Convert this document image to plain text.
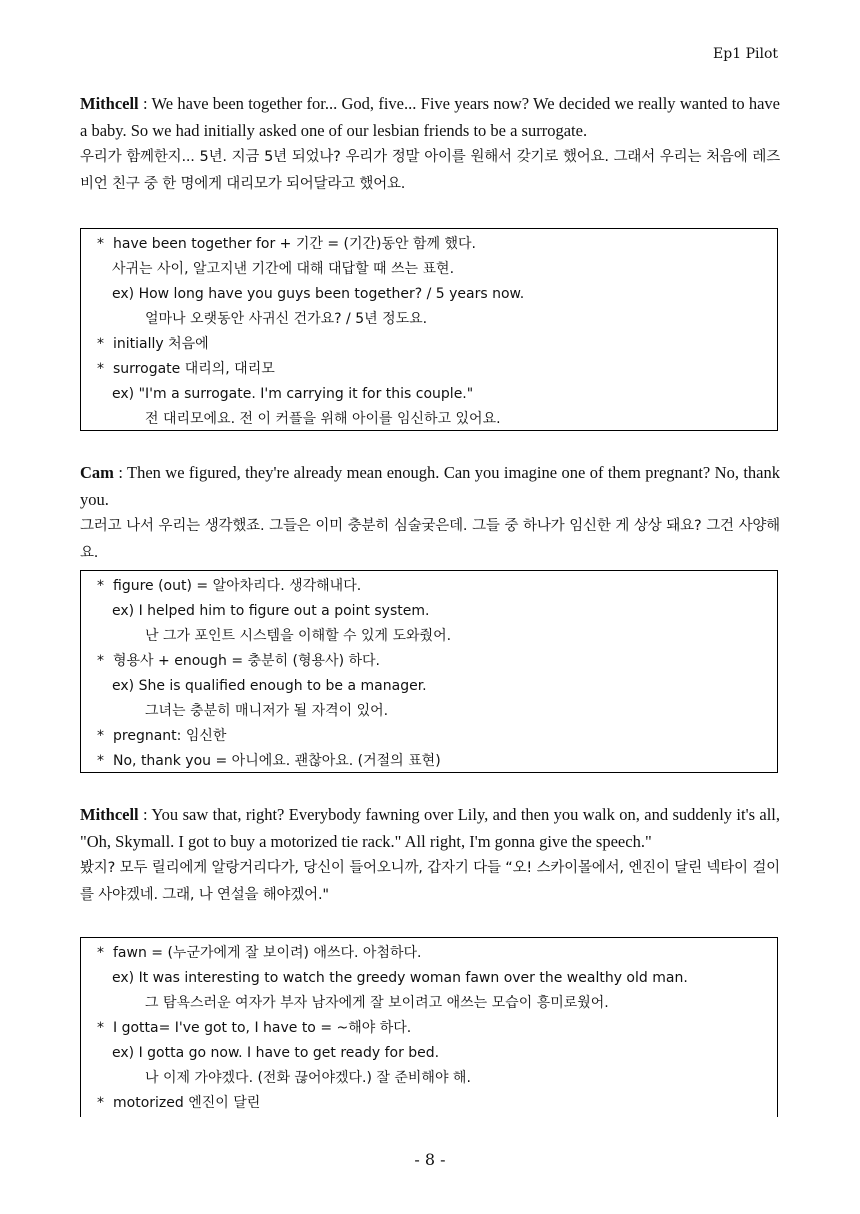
Ep1 Pilot

Mithcell : We have been together for... God, five... Five years now? We decided we really wanted to have a baby. So we had initially asked one of our lesbian friends to be a surrogate.

우리가 함께한지... 5년. 지금 5년 되었나? 우리가 정말 아이를 원해서 갖기로 했어요. 그래서 우리는 처음에 레즈비언 친구 중 한 명에게 대리모가 되어달라고 했어요.

* have been together for + 기간 = (기간)동안 함께 했다.
사귀는 사이, 알고지낸 기간에 대해 대답할 때 쓰는 표현.
ex) How long have you guys been together? / 5 years now.
얼마나 오랫동안 사귀신 건가요? / 5년 정도요.
* initially 처음에
* surrogate 대리의, 대리모
ex) "I'm a surrogate. I'm carrying it for this couple."
전 대리모에요. 전 이 커플을 위해 아이를 임신하고 있어요.

Cam : Then we figured, they're already mean enough. Can you imagine one of them pregnant? No, thank you.

그러고 나서 우리는 생각했죠. 그들은 이미 충분히 심술궂은데. 그들 중 하나가 임신한 게 상상 돼요? 그건 사양해요.

* figure (out) = 알아차리다. 생각해내다.
ex) I helped him to figure out a point system.
난 그가 포인트 시스템을 이해할 수 있게 도와줬어.
* 형용사 + enough = 충분히 (형용사) 하다.
ex) She is qualified enough to be a manager.
그녀는 충분히 매니저가 될 자격이 있어.
* pregnant: 임신한
* No, thank you = 아니에요. 괜찮아요. (거절의 표현)

Mithcell : You saw that, right? Everybody fawning over Lily, and then you walk on, and suddenly it's all, "Oh, Skymall. I got to buy a motorized tie rack." All right, I'm gonna give the speech."

봤지? 모두 릴리에게 알랑거리다가, 당신이 들어오니까, 갑자기 다들 “오! 스카이몰에서, 엔진이 달린 넥타이 걸이를 사야겠네. 그래, 나 연설을 해야겠어."

* fawn = (누군가에게 잘 보이려) 애쓰다. 아첨하다.
ex) It was interesting to watch the greedy woman fawn over the wealthy old man.
그 탐욕스러운 여자가 부자 남자에게 잘 보이려고 애쓰는 모습이 흥미로웠어.
* I gotta= I've got to, I have to = ~해야 하다.
ex) I gotta go now. I have to get ready for bed.
나 이제 가야겠다. (전화 끊어야겠다.) 잘 준비해야 해.
* motorized 엔진이 달린
- 8 -
